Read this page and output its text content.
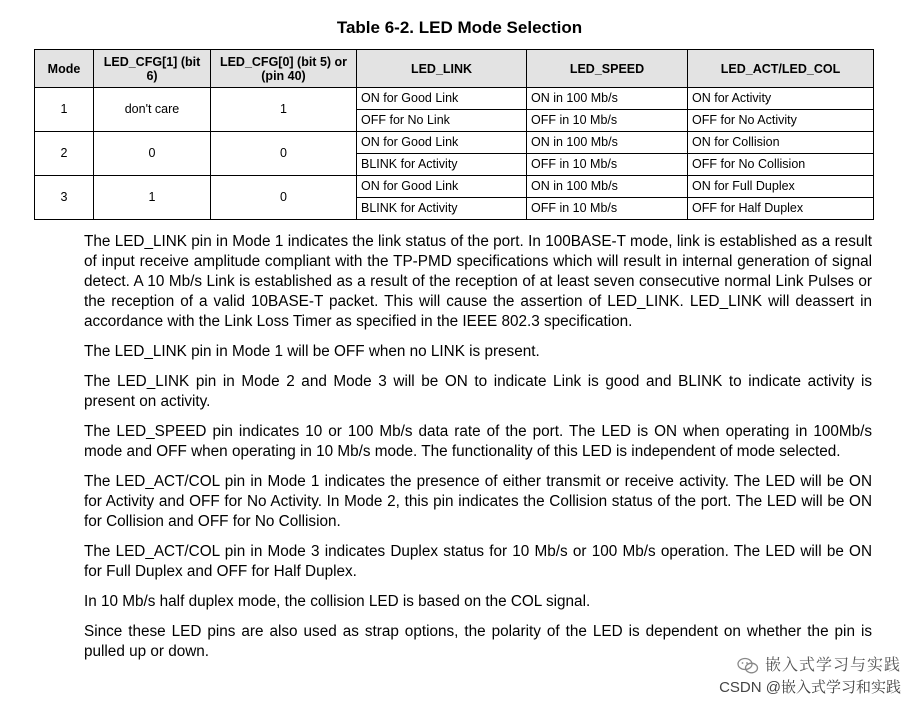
Table 6-2. LED Mode Selection
Mode	LED_CFG[1] (bit 6)	LED_CFG[0] (bit 5) or (pin 40)	LED_LINK	LED_SPEED	LED_ACT/LED_COL
1	don't care	1	ON for Good Link	ON in 100 Mb/s	ON for Activity
			OFF for No Link	OFF in 10 Mb/s	OFF for No Activity
2	0	0	ON for Good Link	ON in 100 Mb/s	ON for Collision
			BLINK for Activity	OFF in 10 Mb/s	OFF for No Collision
3	1	0	ON for Good Link	ON in 100 Mb/s	ON for Full Duplex
			BLINK for Activity	OFF in 10 Mb/s	OFF for Half Duplex

The LED_LINK pin in Mode 1 indicates the link status of the port. In 100BASE-T mode, link is established as a result of input receive amplitude compliant with the TP-PMD specifications which will result in internal generation of signal detect. A 10 Mb/s Link is established as a result of the reception of at least seven consecutive normal Link Pulses or the reception of a valid 10BASE-T packet. This will cause the assertion of LED_LINK. LED_LINK will deassert in accordance with the Link Loss Timer as specified in the IEEE 802.3 specification.

The LED_LINK pin in Mode 1 will be OFF when no LINK is present.

The LED_LINK pin in Mode 2 and Mode 3 will be ON to indicate Link is good and BLINK to indicate activity is present on activity.

The LED_SPEED pin indicates 10 or 100 Mb/s data rate of the port. The LED is ON when operating in 100Mb/s mode and OFF when operating in 10 Mb/s mode. The functionality of this LED is independent of mode selected.

The LED_ACT/COL pin in Mode 1 indicates the presence of either transmit or receive activity. The LED will be ON for Activity and OFF for No Activity. In Mode 2, this pin indicates the Collision status of the port. The LED will be ON for Collision and OFF for No Collision.

The LED_ACT/COL pin in Mode 3 indicates Duplex status for 10 Mb/s or 100 Mb/s operation. The LED will be ON for Full Duplex and OFF for Half Duplex.

In 10 Mb/s half duplex mode, the collision LED is based on the COL signal.

Since these LED pins are also used as strap options, the polarity of the LED is dependent on whether the pin is pulled up or down.

嵌入式学习与实践
CSDN @嵌入式学习和实践
